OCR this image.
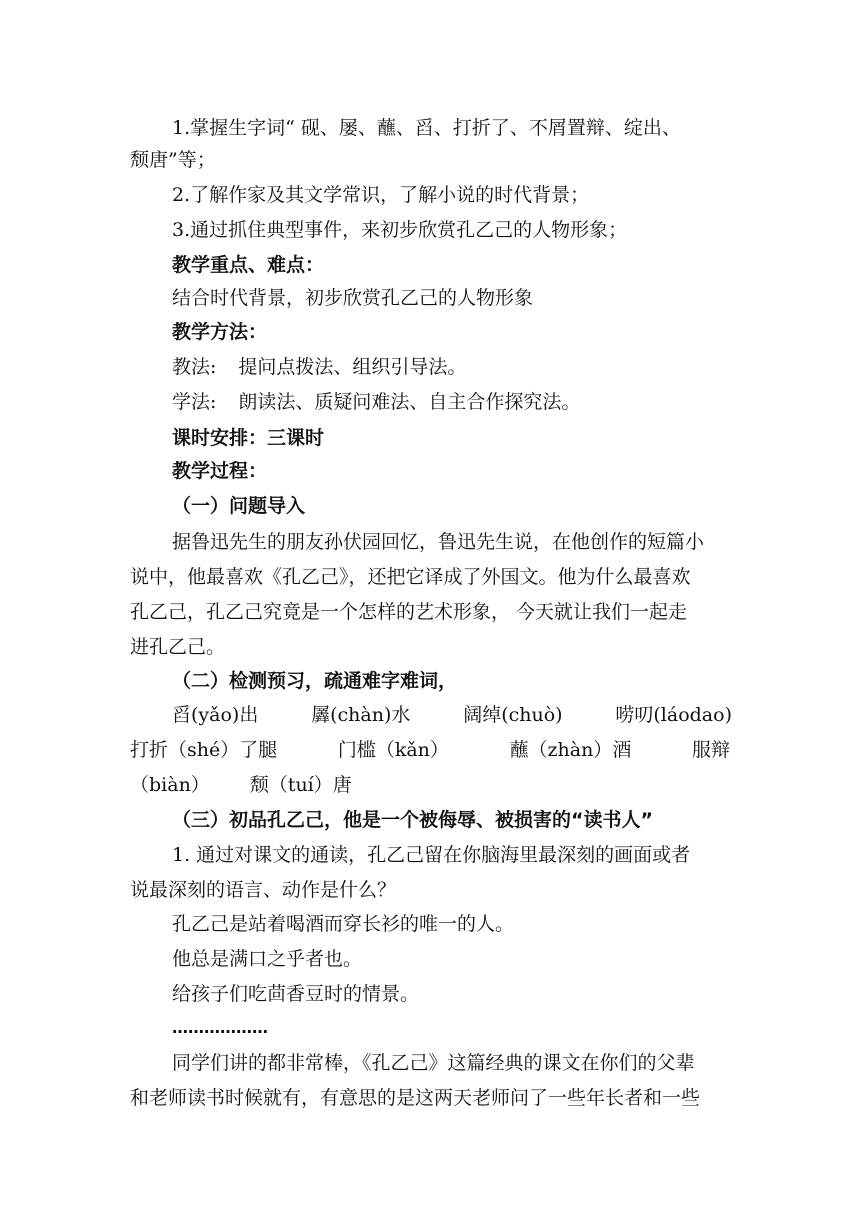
1.掌握生字词“ 砚、屡、蘸、舀、打折了、不屑置辩、绽出、
颓唐”等；
2.了解作家及其文学常识，了解小说的时代背景；
3.通过抓住典型事件，来初步欣赏孔乙己的人物形象；
教学重点、难点：
结合时代背景，初步欣赏孔乙己的人物形象
教学方法：
教法: 提问点拨法、组织引导法。
学法: 朗读法、质疑问难法、自主合作探究法。
课时安排：三课时
教学过程：
（一）问题导入
据鲁迅先生的朋友孙伏园回忆，鲁迅先生说，在他创作的短篇小
说中，他最喜欢《孔乙己》，还把它译成了外国文。他为什么最喜欢
孔乙己，孔乙己究竟是一个怎样的艺术形象， 今天就让我们一起走
进孔乙己。
（二）检测预习，疏通难字难词，
舀(yǎo)出	羼(chàn)水	阔绰(chuò)	唠叨(láodao)
打折（shé）了腿	门槛（kǎn）	蘸（zhàn）酒	服辩
（biàn） 颓（tuí）唐
（三）初品孔乙己，他是一个被侮辱、被损害的“读书人”
1. 通过对课文的通读，孔乙己留在你脑海里最深刻的画面或者
说最深刻的语言、动作是什么？
孔乙己是站着喝酒而穿长衫的唯一的人。
他总是满口之乎者也。
给孩子们吃茴香豆时的情景。
………………
同学们讲的都非常棒，《孔乙己》这篇经典的课文在你们的父辈
和老师读书时候就有，有意思的是这两天老师问了一些年长者和一些
